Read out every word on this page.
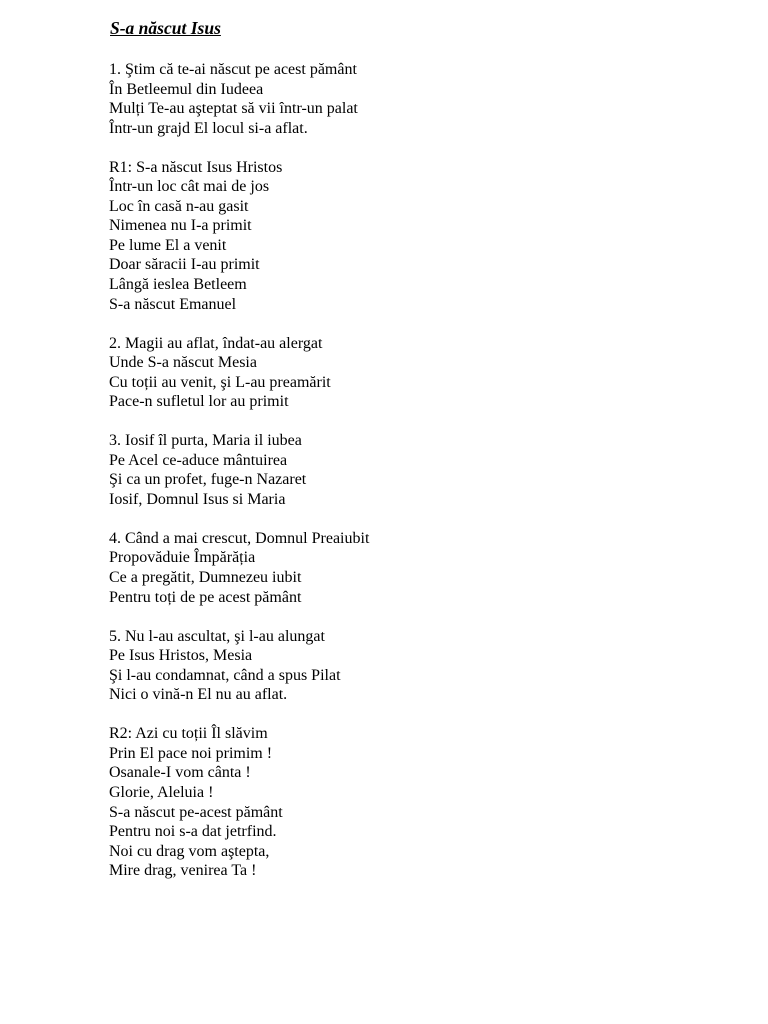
S-a născut Isus
1. Ştim că te-ai născut pe acest pământ
În Betleemul din Iudeea
Mulți Te-au aşteptat să vii într-un palat
Într-un grajd El locul si-a aflat.
R1: S-a născut Isus Hristos
Într-un loc cât mai de jos
Loc în casă n-au gasit
Nimenea nu I-a primit
Pe lume El a venit
Doar săracii I-au primit
Lângă ieslea Betleem
S-a născut Emanuel
2. Magii au aflat, îndat-au alergat
Unde S-a născut Mesia
Cu toții au venit, şi L-au preamărit
Pace-n sufletul lor au primit
3. Iosif îl purta, Maria il iubea
Pe Acel ce-aduce mântuirea
Şi ca un profet, fuge-n Nazaret
Iosif, Domnul Isus si Maria
4. Când a mai crescut, Domnul Preaiubit
Propovăduie Împărăția
Ce a pregătit, Dumnezeu iubit
Pentru toți de pe acest pământ
5. Nu l-au ascultat, şi l-au alungat
Pe Isus Hristos, Mesia
Şi l-au condamnat, când a spus Pilat
Nici o vină-n El nu au aflat.
R2: Azi cu toții Îl slăvim
Prin El pace noi primim !
Osanale-I vom cânta !
Glorie, Aleluia !
S-a născut pe-acest pământ
Pentru noi s-a dat jetrfind.
Noi cu drag vom aştepta,
Mire drag, venirea Ta !
